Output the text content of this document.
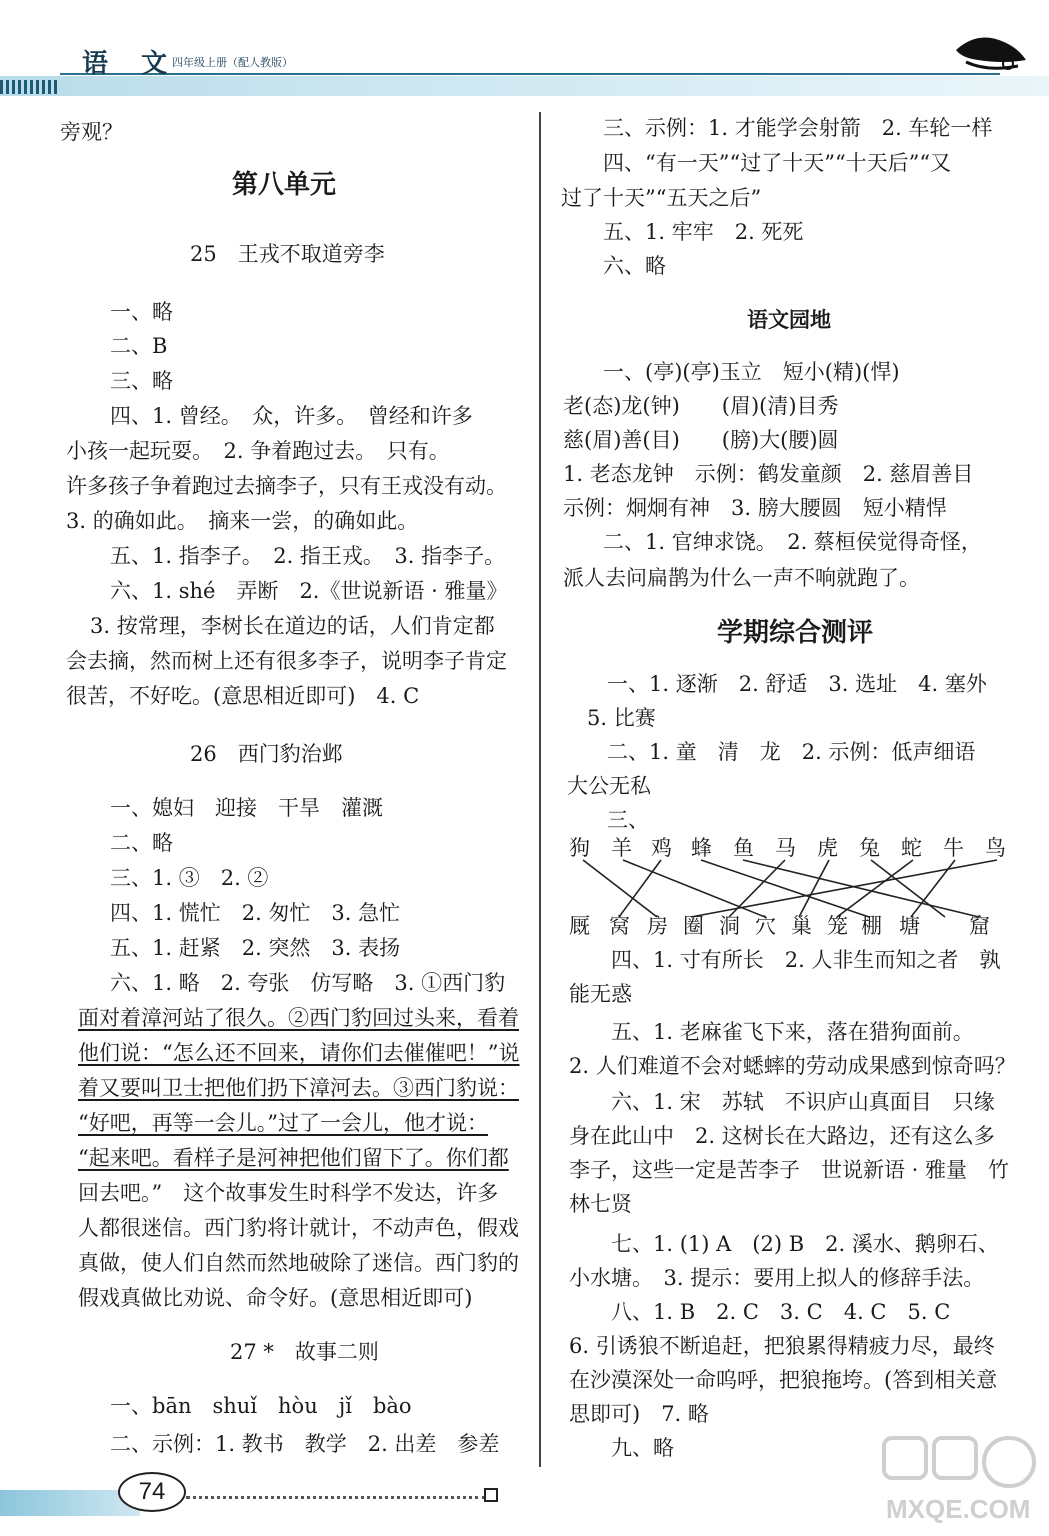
语 文
四年级上册（配人教版）

旁观？

第八单元

25　王戎不取道旁李

一、略

二、B

三、略

四、1. 曾经。　众，许多。　曾经和许多

小孩一起玩耍。　2. 争着跑过去。　只有。

许多孩子争着跑过去摘李子，只有王戎没有动。

3. 的确如此。　摘来一尝，的确如此。

五、1. 指李子。　2. 指王戎。　3. 指李子。

六、1. shé　弄断　2.《世说新语 · 雅量》

3. 按常理，李树长在道边的话，人们肯定都

会去摘，然而树上还有很多李子，说明李子肯定

很苦，不好吃。(意思相近即可)　4. C

26　西门豹治邺

一、媳妇　迎接　干旱　灌溉

二、略

三、1. ③　2. ②

四、1. 慌忙　2. 匆忙　3. 急忙

五、1. 赶紧　2. 突然　3. 表扬

六、1. 略　2. 夸张　仿写略　3. ①西门豹

面对着漳河站了很久。②西门豹回过头来，看着

他们说：“怎么还不回来，请你们去催催吧！”说

着又要叫卫士把他们扔下漳河去。③西门豹说：

“好吧，再等一会儿。”过了一会儿，他才说：

“起来吧。看样子是河神把他们留下了。你们都

回去吧。”　这个故事发生时科学不发达，许多

人都很迷信。西门豹将计就计，不动声色，假戏

真做，使人们自然而然地破除了迷信。西门豹的

假戏真做比劝说、命令好。(意思相近即可)

27 *　故事二则

一、bān　shuǐ　hòu　jǐ　bào

二、示例：1. 教书　教学　2. 出差　参差

三、示例：1. 才能学会射箭　2. 车轮一样

四、“有一天”“过了十天”“十天后”“又

过了十天”“五天之后”

五、1. 牢牢　2. 死死

六、略

语文园地

一、(亭)(亭)玉立　短小(精)(悍)

老(态)龙(钟)　　(眉)(清)目秀

慈(眉)善(目)　　(膀)大(腰)圆

1. 老态龙钟　示例：鹤发童颜　2. 慈眉善目

示例：炯炯有神　3. 膀大腰圆　短小精悍

二、1. 官绅求饶。　2. 蔡桓侯觉得奇怪，

派人去问扁鹊为什么一声不响就跑了。

学期综合测评

一、1. 逐渐　2. 舒适　3. 选址　4. 塞外

5. 比赛

二、1. 童　清　龙　2. 示例：低声细语

大公无私

三、

狗 羊 鸡 蜂 鱼 马 虎 兔 蛇 牛 鸟

厩 窝 房 圈 洞 穴 巢 笼 棚 塘 窟

四、1. 寸有所长　2. 人非生而知之者　孰

能无惑

五、1. 老麻雀飞下来，落在猎狗面前。

2. 人们难道不会对蟋蟀的劳动成果感到惊奇吗？

六、1. 宋　苏轼　不识庐山真面目　只缘

身在此山中　2. 这树长在大路边，还有这么多

李子，这些一定是苦李子　世说新语 · 雅量　竹

林七贤

七、1. (1) A　(2) B　2. 溪水、鹅卵石、

小水塘。　3. 提示：要用上拟人的修辞手法。

八、1. B　2. C　3. C　4. C　5. C

6. 引诱狼不断追赶，把狼累得精疲力尽，最终

在沙漠深处一命呜呼，把狼拖垮。(答到相关意

思即可)　7. 略

九、略

74
MXQE.COM
